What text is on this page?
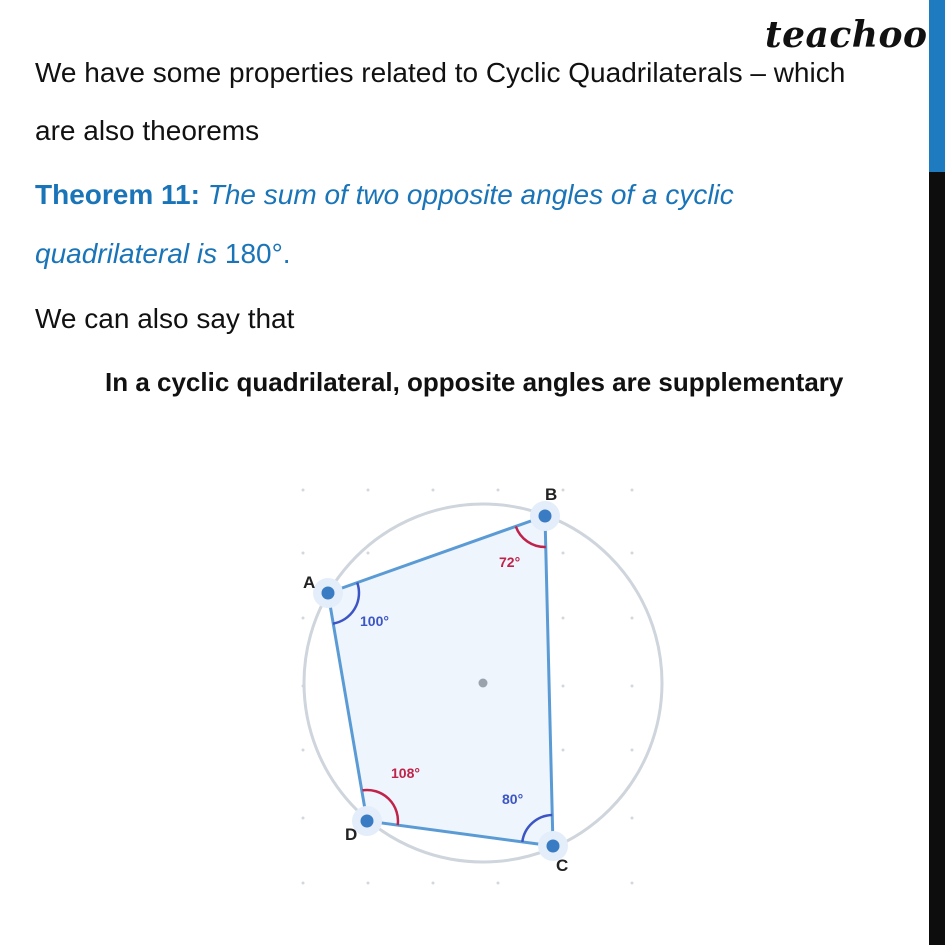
teachoo
We have some properties related to Cyclic Quadrilaterals – which
are also theorems
Theorem 11: The sum of two opposite angles of a cyclic
quadrilateral is 180°.
We can also say that
In a cyclic quadrilateral, opposite angles are supplementary
A
B
C
D
100°
72°
80°
108°
